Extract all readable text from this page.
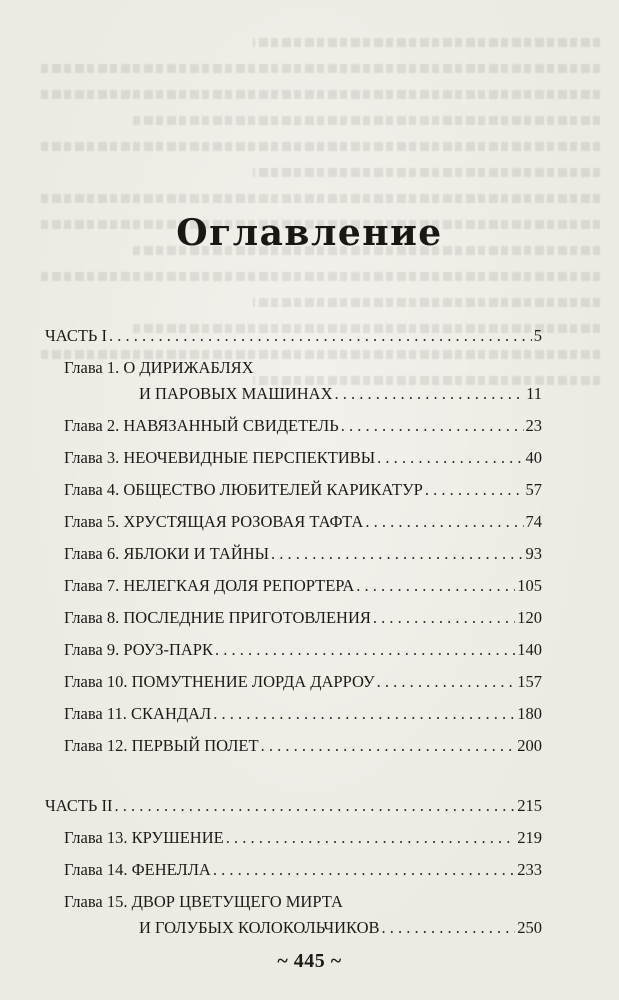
Оглавление
ЧАСТЬ I . . .	5
Глава 1. О ДИРИЖАБЛЯХ
И ПАРОВЫХ МАШИНАХ . . .	11
Глава 2. НАВЯЗАННЫЙ СВИДЕТЕЛЬ . . .	23
Глава 3. НЕОЧЕВИДНЫЕ ПЕРСПЕКТИВЫ . . .	40
Глава 4. ОБЩЕСТВО ЛЮБИТЕЛЕЙ КАРИКАТУР . . .	57
Глава 5. ХРУСТЯЩАЯ РОЗОВАЯ ТАФТА . . .	74
Глава 6. ЯБЛОКИ И ТАЙНЫ . . .	93
Глава 7. НЕЛЕГКАЯ ДОЛЯ РЕПОРТЕРА . . .	105
Глава 8. ПОСЛЕДНИЕ ПРИГОТОВЛЕНИЯ . . .	120
Глава 9. РОУЗ-ПАРК . . .	140
Глава 10. ПОМУТНЕНИЕ ЛОРДА ДАРРОУ . . .	157
Глава 11. СКАНДАЛ . . .	180
Глава 12. ПЕРВЫЙ ПОЛЕТ . . .	200
ЧАСТЬ II . . .	215
Глава 13. КРУШЕНИЕ . . .	219
Глава 14. ФЕНЕЛЛА . . .	233
Глава 15. ДВОР ЦВЕТУЩЕГО МИРТА
И ГОЛУБЫХ КОЛОКОЛЬЧИКОВ . . .	250
~ 445 ~
